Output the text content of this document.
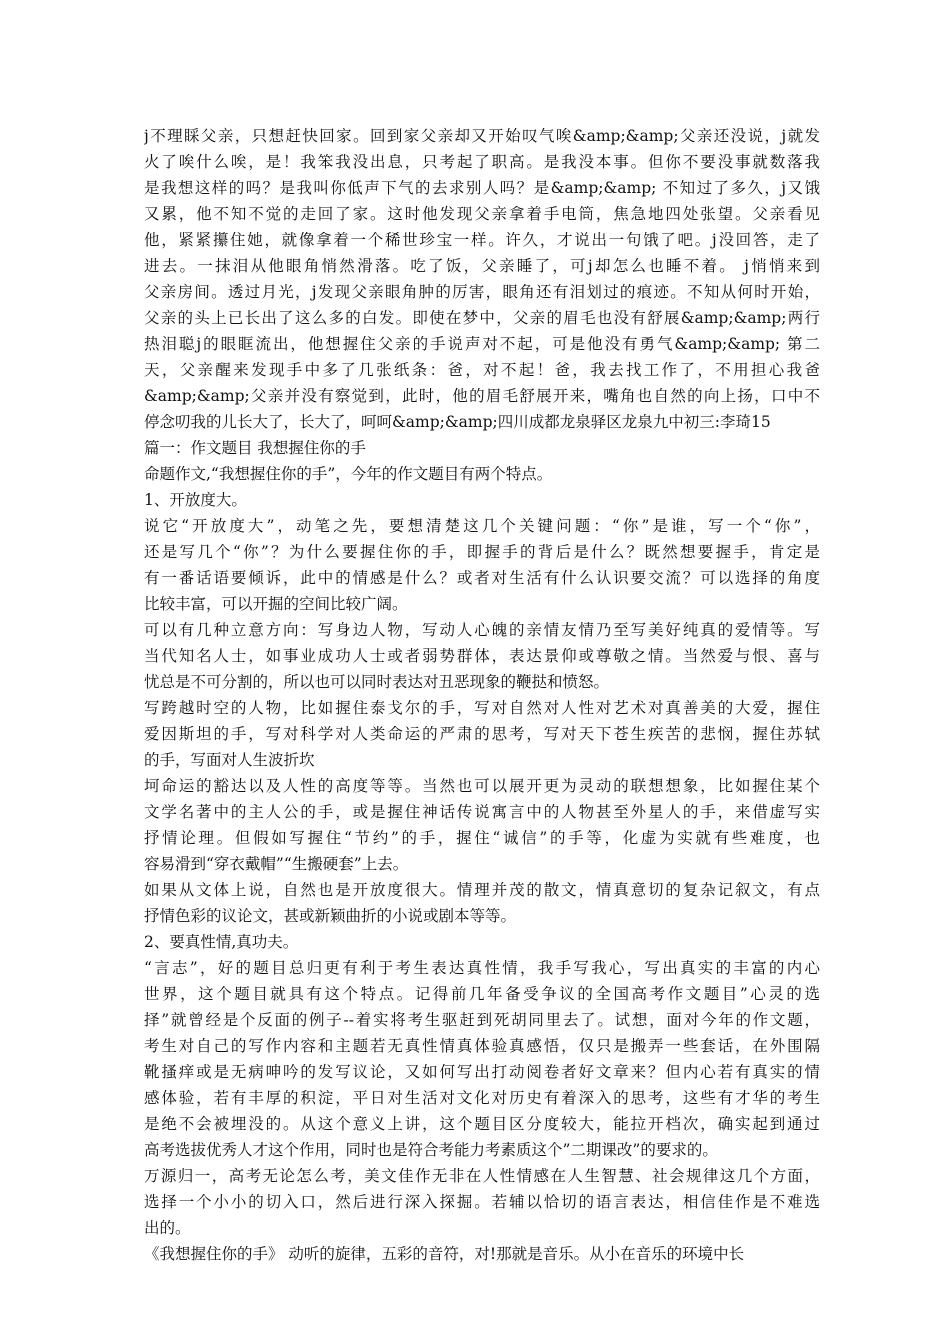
j不理睬父亲，只想赶快回家。回到家父亲却又开始叹气唉&amp;&amp;父亲还没说，j就发
火了唉什么唉，是！我笨我没出息，只考起了职高。是我没本事。但你不要没事就数落我
是我想这样的吗？是我叫你低声下气的去求别人吗？是&amp;&amp; 不知过了多久，j又饿
又累，他不知不觉的走回了家。这时他发现父亲拿着手电筒，焦急地四处张望。父亲看见
他，紧紧攥住她，就像拿着一个稀世珍宝一样。许久，才说出一句饿了吧。j没回答，走了
进去。一抹泪从他眼角悄然滑落。吃了饭，父亲睡了，可j却怎么也睡不着。 j悄悄来到
父亲房间。透过月光，j发现父亲眼角肿的厉害，眼角还有泪划过的痕迹。不知从何时开始，
父亲的头上已长出了这么多的白发。即使在梦中，父亲的眉毛也没有舒展&amp;&amp;两行
热泪聪j的眼眶流出，他想握住父亲的手说声对不起，可是他没有勇气&amp;&amp; 第二
天，父亲醒来发现手中多了几张纸条：爸，对不起！爸，我去找工作了，不用担心我爸
&amp;&amp;父亲并没有察觉到，此时，他的眉毛舒展开来，嘴角也自然的向上扬，口中不
停念叨我的儿长大了，长大了，呵呵&amp;&amp;四川成都龙泉驿区龙泉九中初三:李琦15
篇一：作文题目 我想握住你的手
命题作文,“我想握住你的手”，今年的作文题目有两个特点。
1、开放度大。
说它“开放度大”，动笔之先，要想清楚这几个关键问题：“你”是谁，写一个“你”，
还是写几个“你”？为什么要握住你的手，即握手的背后是什么？既然想要握手，肯定是
有一番话语要倾诉，此中的情感是什么？或者对生活有什么认识要交流？可以选择的角度
比较丰富，可以开掘的空间比较广阔。
可以有几种立意方向：写身边人物，写动人心魄的亲情友情乃至写美好纯真的爱情等。写
当代知名人士，如事业成功人士或者弱势群体，表达景仰或尊敬之情。当然爱与恨、喜与
忧总是不可分割的，所以也可以同时表达对丑恶现象的鞭挞和愤怒。
写跨越时空的人物，比如握住泰戈尔的手，写对自然对人性对艺术对真善美的大爱，握住
爱因斯坦的手，写对科学对人类命运的严肃的思考，写对天下苍生疾苦的悲悯，握住苏轼
的手，写面对人生波折坎
坷命运的豁达以及人性的高度等等。当然也可以展开更为灵动的联想想象，比如握住某个
文学名著中的主人公的手，或是握住神话传说寓言中的人物甚至外星人的手，来借虚写实
抒情论理。但假如写握住“节约”的手，握住“诚信”的手等，化虚为实就有些难度，也
容易滑到“穿衣戴帽”“生搬硬套”上去。
如果从文体上说，自然也是开放度很大。情理并茂的散文，情真意切的复杂记叙文，有点
抒情色彩的议论文，甚或新颖曲折的小说或剧本等等。
2、要真性情,真功夫。
“言志”，好的题目总归更有利于考生表达真性情，我手写我心，写出真实的丰富的内心
世界，这个题目就具有这个特点。记得前几年备受争议的全国高考作文题目”心灵的选
择”就曾经是个反面的例子--着实将考生驱赶到死胡同里去了。试想，面对今年的作文题，
考生对自己的写作内容和主题若无真性情真体验真感悟，仅只是搬弄一些套话，在外围隔
靴搔痒或是无病呻吟的发写议论，又如何写出打动阅卷者好文章来？但内心若有真实的情
感体验，若有丰厚的积淀，平日对生活对文化对历史有着深入的思考，这些有才华的考生
是绝不会被埋没的。从这个意义上讲，这个题目区分度较大，能拉开档次，确实起到通过
高考选拔优秀人才这个作用，同时也是符合考能力考素质这个”二期课改”的要求的。
万源归一，高考无论怎么考，美文佳作无非在人性情感在人生智慧、社会规律这几个方面，
选择一个小小的切入口，然后进行深入探掘。若辅以恰切的语言表达，相信佳作是不难选
出的。
《我想握住你的手》 动听的旋律，五彩的音符，对!那就是音乐。从小在音乐的环境中长
